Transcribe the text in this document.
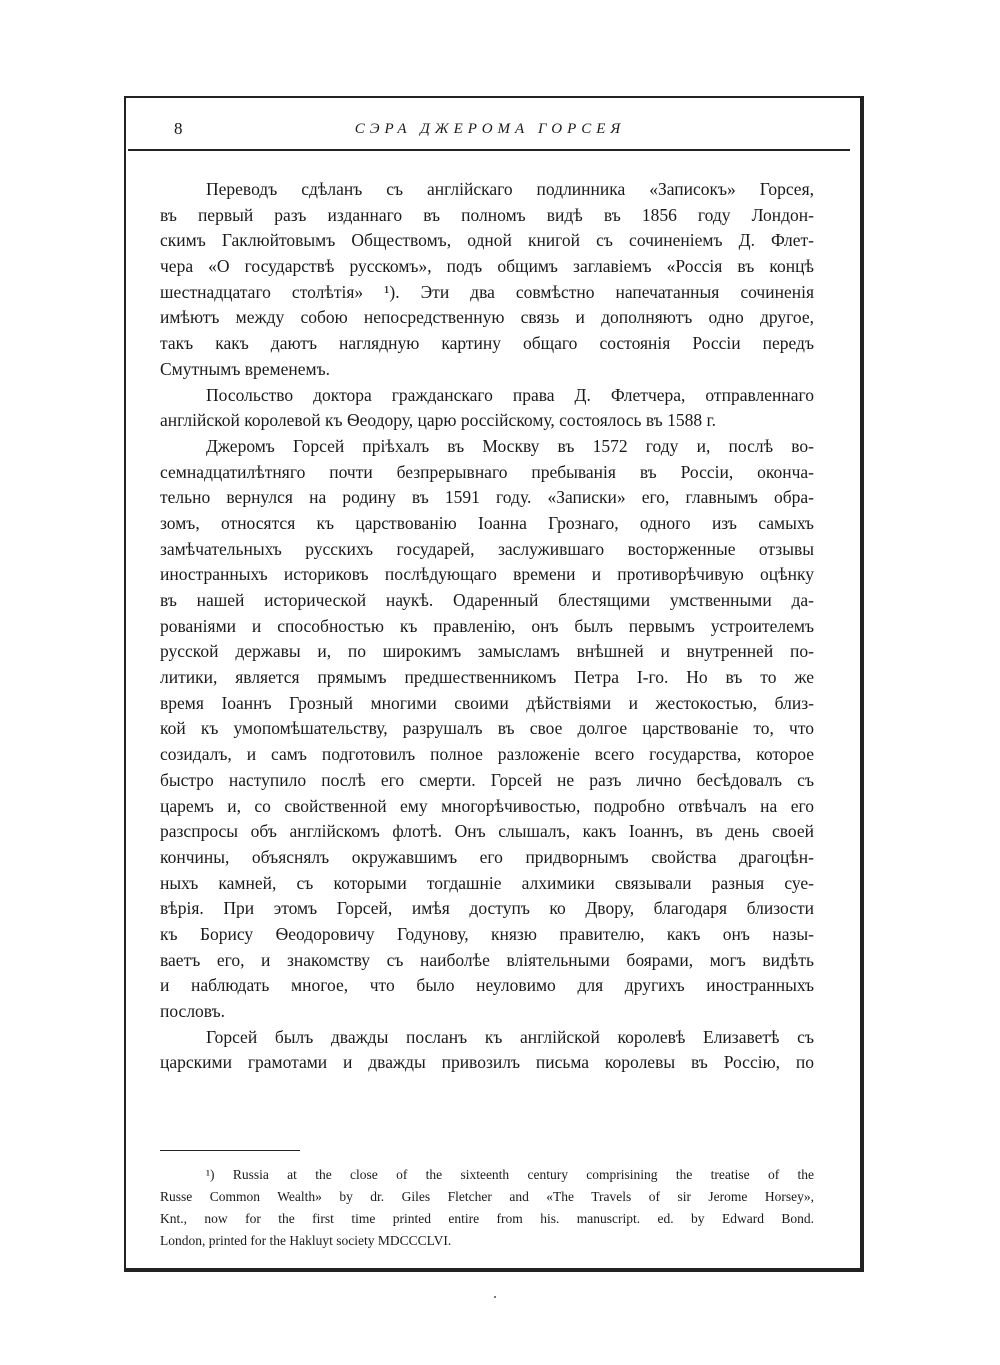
8	СЭРА ДЖЕРОМА ГОРСЕЯ
Переводъ сдѣланъ съ англійскаго подлинника «Записокъ» Горсея,
въ первый разъ изданнаго въ полномъ видѣ въ 1856 году Лондон-
скимъ Гаклюйтовымъ Обществомъ, одной книгой съ сочиненіемъ Д. Флет-
чера «О государствѣ русскомъ», подъ общимъ заглавіемъ «Россія въ концѣ
шестнадцатаго столѣтія» ¹). Эти два совмѣстно напечатанныя сочиненія
имѣютъ между собою непосредственную связь и дополняютъ одно другое,
такъ какъ даютъ наглядную картину общаго состоянія Россіи передъ
Смутнымъ временемъ.
Посольство доктора гражданскаго права Д. Флетчера, отправленнаго
англійской королевой къ Ѳеодору, царю россійскому, состоялось въ 1588 г.
Джеромъ Горсей пріѣхалъ въ Москву въ 1572 году и, послѣ во-
семнадцатилѣтняго почти безпрерывнаго пребыванія въ Россіи, оконча-
тельно вернулся на родину въ 1591 году. «Записки» его, главнымъ обра-
зомъ, относятся къ царствованію Іоанна Грознаго, одного изъ самыхъ
замѣчательныхъ русскихъ государей, заслужившаго восторженные отзывы
иностранныхъ историковъ послѣдующаго времени и противорѣчивую оцѣнку
въ нашей исторической наукѣ. Одаренный блестящими умственными да-
рованіями и способностью къ правленію, онъ былъ первымъ устроителемъ
русской державы и, по широкимъ замысламъ внѣшней и внутренней по-
литики, является прямымъ предшественникомъ Петра І-го. Но въ то же
время Іоаннъ Грозный многими своими дѣйствіями и жестокостью, близ-
кой къ умопомѣшательству, разрушалъ въ свое долгое царствованіе то, что
созидалъ, и самъ подготовилъ полное разложеніе всего государства, которое
быстро наступило послѣ его смерти. Горсей не разъ лично бесѣдовалъ съ
царемъ и, со свойственной ему многорѣчивостью, подробно отвѣчалъ на его
разспросы объ англійскомъ флотѣ. Онъ слышалъ, какъ Іоаннъ, въ день своей
кончины, объяснялъ окружавшимъ его придворнымъ свойства драгоцѣн-
ныхъ камней, съ которыми тогдашніе алхимики связывали разныя суе-
вѣрія. При этомъ Горсей, имѣя доступъ ко Двору, благодаря близости
къ Борису Ѳеодоровичу Годунову, князю правителю, какъ онъ назы-
ваетъ его, и знакомству съ наиболѣе вліятельными боярами, могъ видѣть
и наблюдать многое, что было неуловимо для другихъ иностранныхъ
пословъ.
Горсей былъ дважды посланъ къ англійской королевѣ Елизаветѣ съ
царскими грамотами и дважды привозилъ письма королевы въ Россію, по
¹) Russia at the close of the sixteenth century comprisining the treatise of the
Russe Common Wealth» by dr. Giles Fletcher and «The Travels of sir Jerome Horsey»,
Knt., now for the first time printed entire from his. manuscript. ed. by Edward Bond.
London, printed for the Hakluyt society MDCCCLVI.
